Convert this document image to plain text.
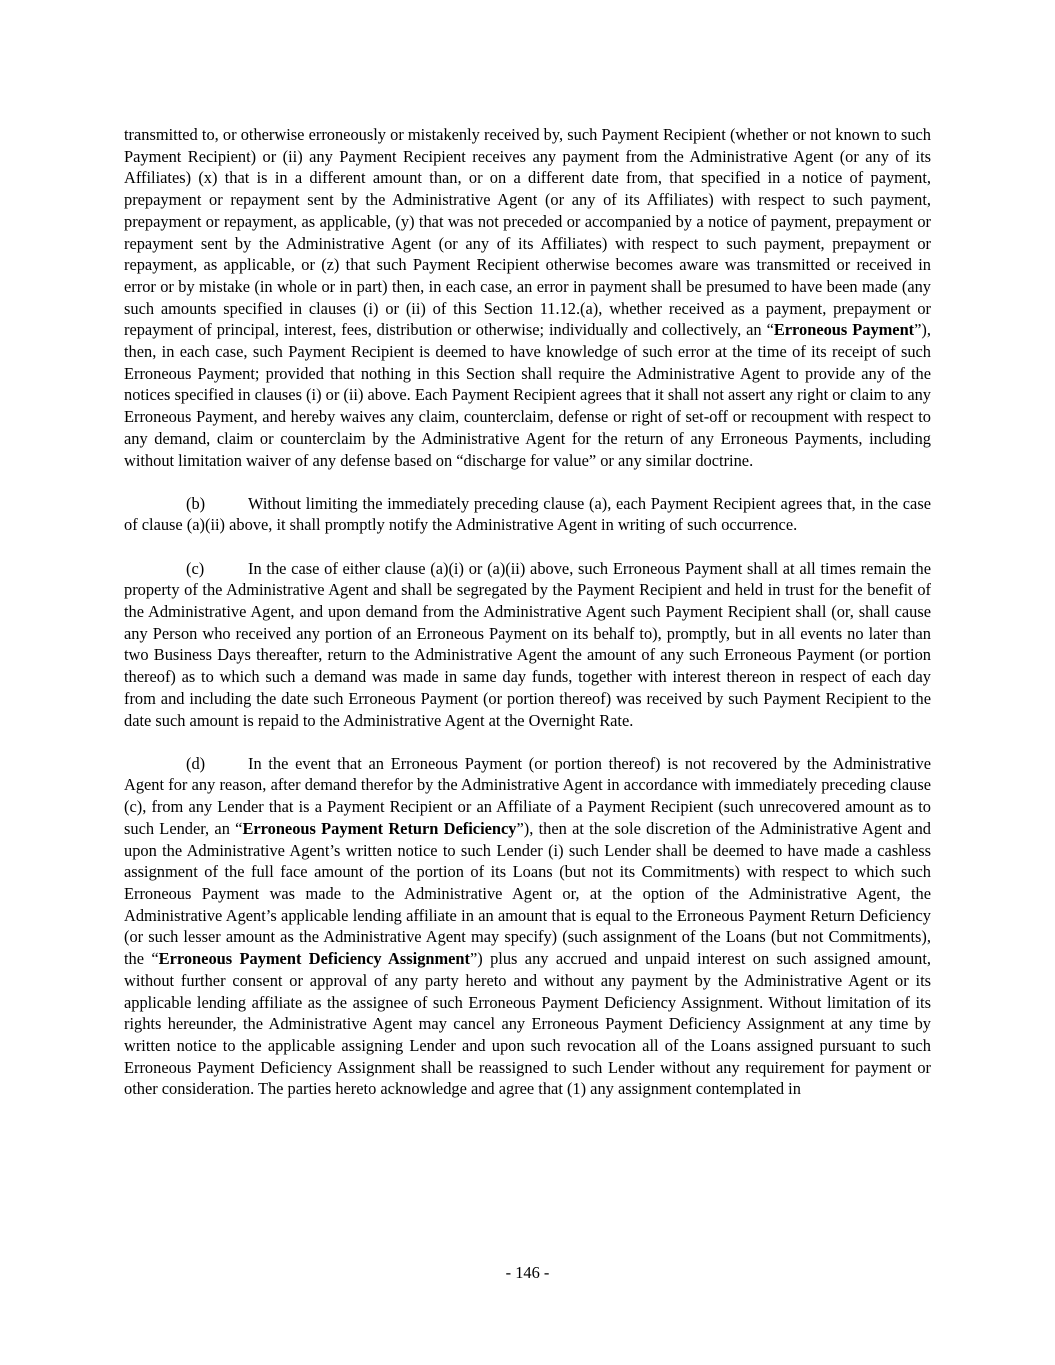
transmitted to, or otherwise erroneously or mistakenly received by, such Payment Recipient (whether or not known to such Payment Recipient) or (ii) any Payment Recipient receives any payment from the Administrative Agent (or any of its Affiliates) (x) that is in a different amount than, or on a different date from, that specified in a notice of payment, prepayment or repayment sent by the Administrative Agent (or any of its Affiliates) with respect to such payment, prepayment or repayment, as applicable, (y) that was not preceded or accompanied by a notice of payment, prepayment or repayment sent by the Administrative Agent (or any of its Affiliates) with respect to such payment, prepayment or repayment, as applicable, or (z) that such Payment Recipient otherwise becomes aware was transmitted or received in error or by mistake (in whole or in part) then, in each case, an error in payment shall be presumed to have been made (any such amounts specified in clauses (i) or (ii) of this Section 11.12.(a), whether received as a payment, prepayment or repayment of principal, interest, fees, distribution or otherwise; individually and collectively, an “Erroneous Payment”), then, in each case, such Payment Recipient is deemed to have knowledge of such error at the time of its receipt of such Erroneous Payment; provided that nothing in this Section shall require the Administrative Agent to provide any of the notices specified in clauses (i) or (ii) above. Each Payment Recipient agrees that it shall not assert any right or claim to any Erroneous Payment, and hereby waives any claim, counterclaim, defense or right of set-off or recoupment with respect to any demand, claim or counterclaim by the Administrative Agent for the return of any Erroneous Payments, including without limitation waiver of any defense based on “discharge for value” or any similar doctrine.

(b)	Without limiting the immediately preceding clause (a), each Payment Recipient agrees that, in the case of clause (a)(ii) above, it shall promptly notify the Administrative Agent in writing of such occurrence.

(c)	In the case of either clause (a)(i) or (a)(ii) above, such Erroneous Payment shall at all times remain the property of the Administrative Agent and shall be segregated by the Payment Recipient and held in trust for the benefit of the Administrative Agent, and upon demand from the Administrative Agent such Payment Recipient shall (or, shall cause any Person who received any portion of an Erroneous Payment on its behalf to), promptly, but in all events no later than two Business Days thereafter, return to the Administrative Agent the amount of any such Erroneous Payment (or portion thereof) as to which such a demand was made in same day funds, together with interest thereon in respect of each day from and including the date such Erroneous Payment (or portion thereof) was received by such Payment Recipient to the date such amount is repaid to the Administrative Agent at the Overnight Rate.

(d)	In the event that an Erroneous Payment (or portion thereof) is not recovered by the Administrative Agent for any reason, after demand therefor by the Administrative Agent in accordance with immediately preceding clause (c), from any Lender that is a Payment Recipient or an Affiliate of a Payment Recipient (such unrecovered amount as to such Lender, an “Erroneous Payment Return Deficiency”), then at the sole discretion of the Administrative Agent and upon the Administrative Agent’s written notice to such Lender (i) such Lender shall be deemed to have made a cashless assignment of the full face amount of the portion of its Loans (but not its Commitments) with respect to which such Erroneous Payment was made to the Administrative Agent or, at the option of the Administrative Agent, the Administrative Agent’s applicable lending affiliate in an amount that is equal to the Erroneous Payment Return Deficiency (or such lesser amount as the Administrative Agent may specify) (such assignment of the Loans (but not Commitments), the “Erroneous Payment Deficiency Assignment”) plus any accrued and unpaid interest on such assigned amount, without further consent or approval of any party hereto and without any payment by the Administrative Agent or its applicable lending affiliate as the assignee of such Erroneous Payment Deficiency Assignment. Without limitation of its rights hereunder, the Administrative Agent may cancel any Erroneous Payment Deficiency Assignment at any time by written notice to the applicable assigning Lender and upon such revocation all of the Loans assigned pursuant to such Erroneous Payment Deficiency Assignment shall be reassigned to such Lender without any requirement for payment or other consideration. The parties hereto acknowledge and agree that (1) any assignment contemplated in

- 146 -
